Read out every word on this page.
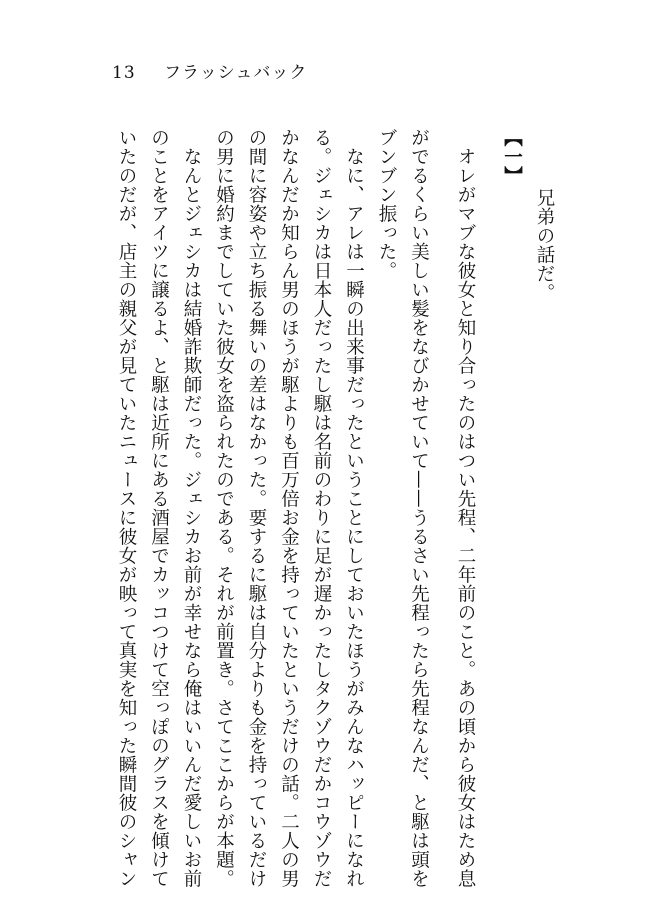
13 フラッシュバック
兄弟の話だ。
【一】
オレがマブな彼女と知り合ったのはつい先程、二年前のこと。あの頃から彼女はため息
がでるくらい美しい髪をなびかせていて——うるさい先程ったら先程なんだ、と駆は頭を
ブンブン振った。
なに、アレは一瞬の出来事だったということにしておいたほうがみんなハッピーになれ
る。ジェシカは日本人だったし駆は名前のわりに足が遅かったしタクゾウだかコウゾウだ
かなんだか知らん男のほうが駆よりも百万倍お金を持っていたというだけの話。二人の男
の間に容姿や立ち振る舞いの差はなかった。要するに駆は自分よりも金を持っているだけ
の男に婚約までしていた彼女を盗られたのである。それが前置き。さてここからが本題。
なんとジェシカは結婚詐欺師だった。ジェシカお前が幸せなら俺はいいんだ愛しいお前
のことをアイツに譲るよ、と駆は近所にある酒屋でカッコつけて空っぽのグラスを傾けて
いたのだが、店主の親父が見ていたニュースに彼女が映って真実を知った瞬間彼のシャン
